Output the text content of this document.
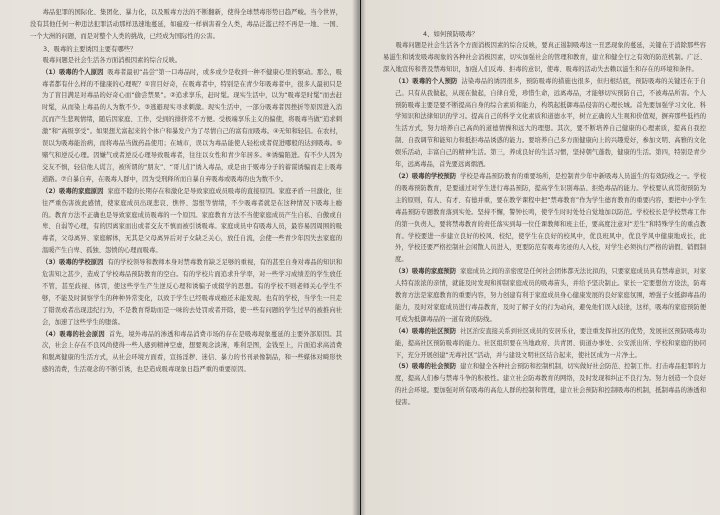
毒品犯罪的国际化、集团化、暴力化，以及贩毒方法的不断翻新，使得全球禁毒形势日趋严峻。当今世界，没有其他任何一种违法犯罪活动那样迅速地蔓延，如瘟疫一样祸害着全人类，毒品泛滥已经不再是一地、一国、一个大洲的问题，而是对整个人类的挑战，已经成为国际性的公害。

3、吸毒的主要诱因主要有哪些？

吸毒问题是社会生活各方面消极因素的综合反映。

（1）吸毒的个人原因 吸毒者最初“品尝”第一口毒品时，或多或少是收到一种不健康心里的驱动。那么，吸毒者都有什么样的不健康的心理呢？①盲目好奇，在吸毒者中，特别是在青少年吸毒者中，很多人最初只是为了盲目满足对毒品的好奇心而“偷尝禁果”。②追求享乐，赶时髦。现实生活中，以为“吸毒是时髦”而去赶时髦，从而染上毒品的人为数不少。③逃避现实寻求刺激。现实生活中，一部分吸毒者因挫折等原因进入消沉而产生悲观情绪，随后因家庭、工作，受到的排挤常不方便。受极端享乐主义的偏使，将吸毒当做“追求刺激”和“高级享受”。如果想尤富起来的个体户和暴发户为了尽情自己的富有而吸毒。④无知和轻信。在农村，误以为吸毒能治病，而将毒品当做药品使用；在城市，误以为毒品能使人轻松或者促进哪般的达到吸毒。⑤赌气和逆反心理。因嫌气或者逆反心理导致吸毒者，往往以女性和青少年居多。⑥诱骗陷进。有不少人因为交友不慎，轻信他人谎言，被所谓的“朋友”、“哥儿们”诱入毒品，或是由于贩毒分子的蓄谋诱骗而走上吸毒道路。⑦自暴自弃，在吸毒人群中，因为受刑释所而自暴自弃吸毒或吸毒的也为数不少。

（2）吸毒的家庭原因 家庭不睦的长期存在和激化是导致家庭成员吸毒的直接原因。家庭矛盾一旦激化，往往严重伤害彼此感情，使家庭成员出现悲哀、憔悴、怨恨等情绪，不少吸毒者就是在这种情况下吸毒上瘾的。教育方法不正确也是导致家庭成员吸毒的一个原因。家庭教育方法不当使家庭成员产生自私、自傲或自卑、自弱等心理，有的因离家而出或者交友不慎而被引诱吸毒。家庭成员中有吸毒人员，最容易因周围的吸毒者，父母离异、家庭解体，无其是父母离异后对子女缺乏关心，放任自流，会使一些青少年因失去家庭的温暖产生自卑、孤独、怨愤的心理而吸毒。

（3）吸毒的学校原因 有的学校领导和教师本身对禁毒教育缺乏足够的重视，有的甚至自身对毒品的知识和危害知之甚少，造成了学校毒品预防教育的空白。有的学校片面追求升学率，对一些学习成绩差的学生放任不管，甚至歧视、体罚，使这些学生产生逆反心理和诱骗子或辍学的思想。有的学校不则老师关心学生不够，不能及时洞察学生的种种异常变化，以致于学生已经吸毒成瘾还未能发现。也有的学校，当学生一旦走了错误或者出现违纪行为，不是教育帮助而是一味的去处罚或者开除，使一些有问题的学生过早的被推向社会，加速了这些学生的堕落。

（4）吸毒的社会原因 首先，境外毒品的渗透和毒品消费市场的存在是吸毒现象蔓延的主要外部原因。其次，社会上存在不良风尚使得一些人感到精神空虚，想要观念淡薄，唯利是图，金钱至上，片面追求高消费和脱离健康的生活方式，从社会环境方面看，宣扬淫秽、迷信、暴力的书刊录像制品，和一些媒体对畸形快感的消费，生活观念的不断引诱，也是造成吸毒现象日趋严重的重要原因。

4、如何预防吸毒？

吸毒问题是社会生活各个方面消极因素的综合反映，要真正遏制吸毒这一丑恶现象的蔓延，关键在于消除那些容易滋生和诱发吸毒现象的各种社会消极因素，切实加强社会的管理和教育，建立和健全行之有效的防范机制。广泛、深入地宣传和普及禁毒知识，加强人们反毒、拒毒的意识，使毒、吸毒的活动失去赖以滋生和存在的环境和条件。

（1）吸毒的个人预防 沾染毒品的诱因很多，预防吸毒的措施也很多，但归根结底，预防吸毒的关键还在于自己。只有从我做起，从现在做起，自律自爱，珍惜生命，远离毒品，才能够切实预防自己，不被毒品所害。个人预防吸毒主要是要不断提高自身的综合素质和能力，构筑起抵御毒品侵害的心理长城。首先要加强学习文化、科学知识和法律知识的学习。提高自己的科学文化素质和道德水平，树立正确的人生观和价值观，摒弃那些低档的生活方式，努力培养自己高尚的道德情操和远大的理想。其次，要不断培养自己健康的心理素质，提高自我控制、自我调节和能知力和抵拒毒品诱惑的能力。要培养自己多方面健康向上的兴趣爱好，参加文明、高雅的文化娱乐活动，丰富自己的精神生活。第三，养成良好的生活习惯，坚持朝气蓬勃，健康的生活。第四，特别是青少年，远离毒品，首先要远离烟酒。

（2）吸毒的学校预防 学校是毒品预防教育的重要场所，是控制青少年中新吸毒人员滋生的有效防线之一。学校的吸毒预防教育，是要通过对学生进行毒品预防，提高学生识别毒品、拒绝毒品的能力。学校要认真贯彻预防为主的原则，有人、有才、有德并重，要在教学课程中把“禁毒教育”作为学生德育教育的重要内容，要把中小学生毒品预防专题教育落到实处。坚持不懈，警钟长鸣，使学生时时处处自觉地加以防范。学校校长是学校禁毒工作的第一负责人，要将禁毒教育的责任落实到每一位任课教师和班主任，要高度注意对“差生”和特殊学生的重点教育。学校要进一步建立良好的校风、校纪，使学生在良好的校风中，优良班风中，优良学风中健康地成长，此外，学校还要严格控制社会闲散人员进入，更要防范有吸毒劣迹的人入校，对学生必须执行严格的请假、销假制度。

（3）吸毒的家庭预防 家庭成员之间的亲密度是任何社会团体都无法比拟的，只要家庭成员具有禁毒意识，对家人特有浓浓的亲情，就能及时发现和抑制家庭成员的吸毒苗头，并给予坚决制止。家长一定要想仿方设法，防毒教育方法是家庭教育的重要内容，努力创建有利于家庭成员身心健康发展的良好家庭氛围，增强子女抵御毒品的能力，及时对家庭成员进行毒品教育，及时了解子女的行为动向，避免他们误入歧途，这样，吸毒的家庭预防便可成为抵御毒品的一道有效的防线。

（4）吸毒的社区预防 社区治安直接关系到社区成员的安居乐业，要注重发挥社区的优势，发展社区预防吸毒功能，提高社区预防吸毒的能力。社区组织要在当地政府、共青团、街道办事处、公安派出所、学校和家庭的协同下，充分开展创建“无毒社区”活动，并与建设文明社区结合起来，使社区成为一片净土。

（5）吸毒的社会预防 建立和健全各种社会预防和控制机制，切实做好社会防范、控制工作。打击毒品犯罪的力度，提高人们参与禁毒斗争的积极性。建立社会防毒教育的网络，及时发现和纠正不良行为。努力创造一个良好的社会环境。要加强对所有吸毒的高危人群的控制和管理，建立社会预防和控制吸毒的机制，抵制毒品的渗透和侵害。
